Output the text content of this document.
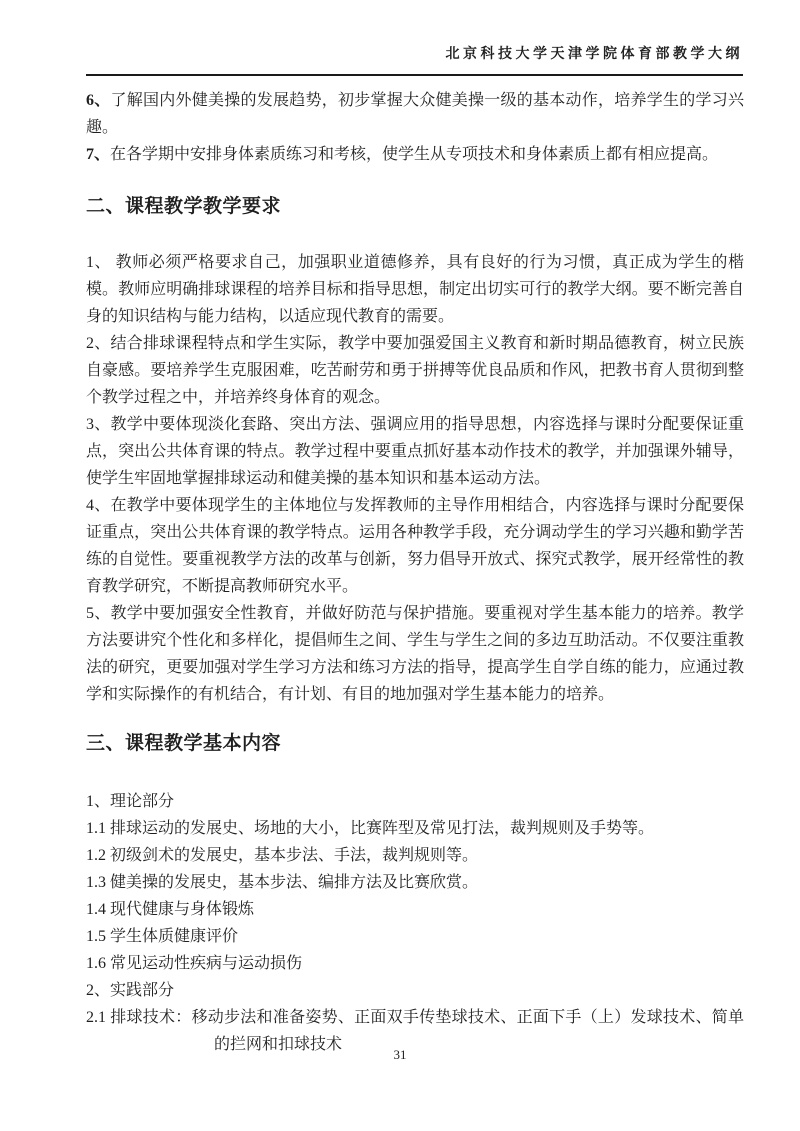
北京科技大学天津学院体育部教学大纲

6、了解国内外健美操的发展趋势，初步掌握大众健美操一级的基本动作，培养学生的学习兴趣。

7、在各学期中安排身体素质练习和考核，使学生从专项技术和身体素质上都有相应提高。

二、课程教学教学要求

1、 教师必须严格要求自己，加强职业道德修养，具有良好的行为习惯，真正成为学生的楷模。教师应明确排球课程的培养目标和指导思想，制定出切实可行的教学大纲。要不断完善自身的知识结构与能力结构，以适应现代教育的需要。

2、结合排球课程特点和学生实际，教学中要加强爱国主义教育和新时期品德教育，树立民族自豪感。要培养学生克服困难，吃苦耐劳和勇于拼搏等优良品质和作风，把教书育人贯彻到整个教学过程之中，并培养终身体育的观念。

3、教学中要体现淡化套路、突出方法、强调应用的指导思想，内容选择与课时分配要保证重点，突出公共体育课的特点。教学过程中要重点抓好基本动作技术的教学，并加强课外辅导，使学生牢固地掌握排球运动和健美操的基本知识和基本运动方法。

4、在教学中要体现学生的主体地位与发挥教师的主导作用相结合，内容选择与课时分配要保证重点，突出公共体育课的教学特点。运用各种教学手段，充分调动学生的学习兴趣和勤学苦练的自觉性。要重视教学方法的改革与创新，努力倡导开放式、探究式教学，展开经常性的教育教学研究，不断提高教师研究水平。

5、教学中要加强安全性教育，并做好防范与保护措施。要重视对学生基本能力的培养。教学方法要讲究个性化和多样化，提倡师生之间、学生与学生之间的多边互助活动。不仅要注重教法的研究，更要加强对学生学习方法和练习方法的指导，提高学生自学自练的能力，应通过教学和实际操作的有机结合，有计划、有目的地加强对学生基本能力的培养。

三、课程教学基本内容

1、理论部分

1.1 排球运动的发展史、场地的大小，比赛阵型及常见打法，裁判规则及手势等。

1.2 初级剑术的发展史，基本步法、手法，裁判规则等。

1.3 健美操的发展史，基本步法、编排方法及比赛欣赏。

1.4 现代健康与身体锻炼

1.5 学生体质健康评价

1.6 常见运动性疾病与运动损伤

2、实践部分

2.1 排球技术：移动步法和准备姿势、正面双手传垫球技术、正面下手（上）发球技术、简单的拦网和扣球技术

31
